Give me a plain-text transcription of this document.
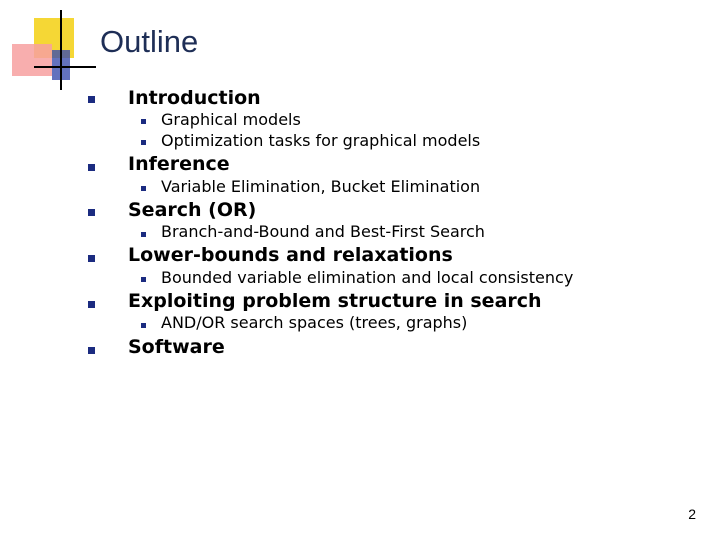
Outline
Introduction
Graphical models
Optimization tasks for graphical models
Inference
Variable Elimination, Bucket Elimination
Search (OR)
Branch-and-Bound and Best-First Search
Lower-bounds and relaxations
Bounded variable elimination and local consistency
Exploiting problem structure in search
AND/OR search spaces (trees, graphs)
Software
2
